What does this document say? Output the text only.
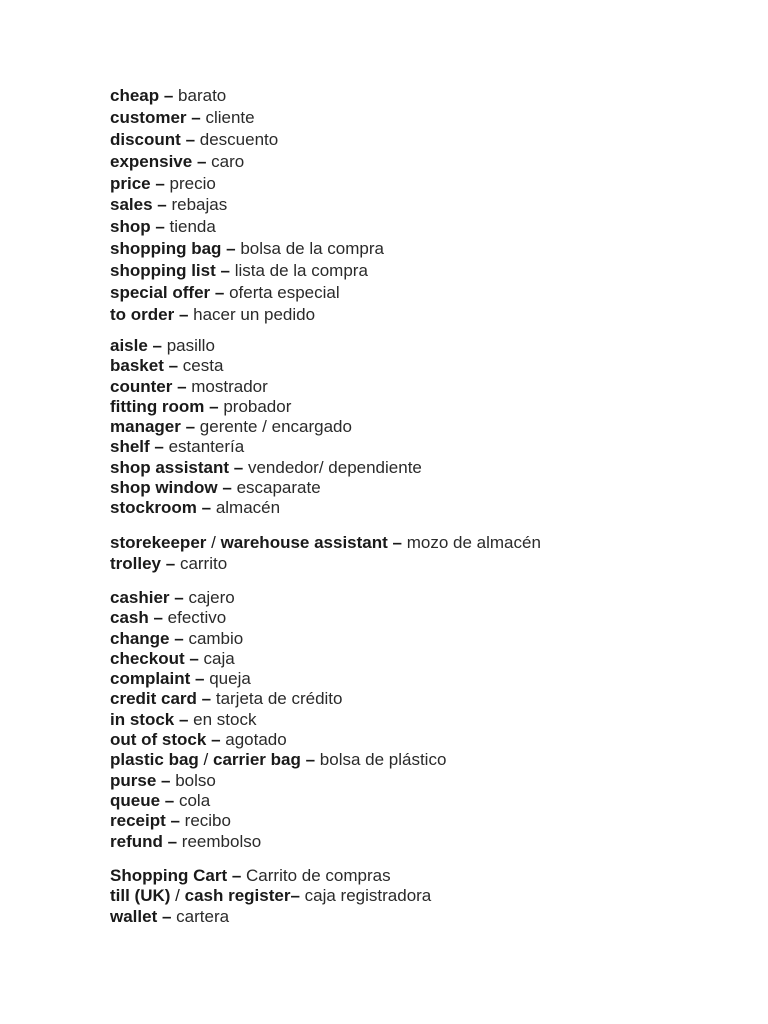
cheap – barato
customer – cliente
discount – descuento
expensive – caro
price – precio
sales – rebajas
shop – tienda
shopping bag – bolsa de la compra
shopping list – lista de la compra
special offer – oferta especial
to order – hacer un pedido
aisle – pasillo
basket – cesta
counter – mostrador
fitting room – probador
manager – gerente / encargado
shelf – estantería
shop assistant – vendedor/ dependiente
shop window – escaparate
stockroom – almacén
storekeeper / warehouse assistant – mozo de almacén
trolley – carrito
cashier – cajero
cash – efectivo
change – cambio
checkout – caja
complaint – queja
credit card – tarjeta de crédito
in stock – en stock
out of stock – agotado
plastic bag / carrier bag – bolsa de plástico
purse – bolso
queue – cola
receipt – recibo
refund – reembolso
Shopping Cart – Carrito de compras
till (UK) / cash register– caja registradora
wallet – cartera
